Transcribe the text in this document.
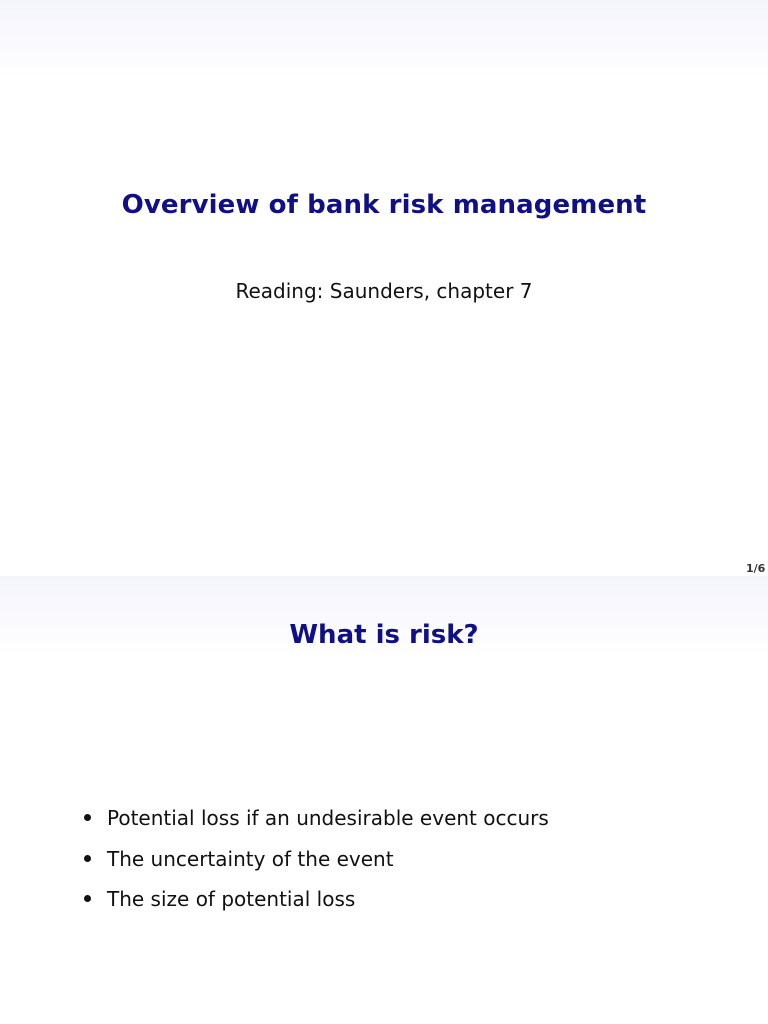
Overview of bank risk management
Reading: Saunders, chapter 7
1/6
What is risk?
Potential loss if an undesirable event occurs
The uncertainty of the event
The size of potential loss
